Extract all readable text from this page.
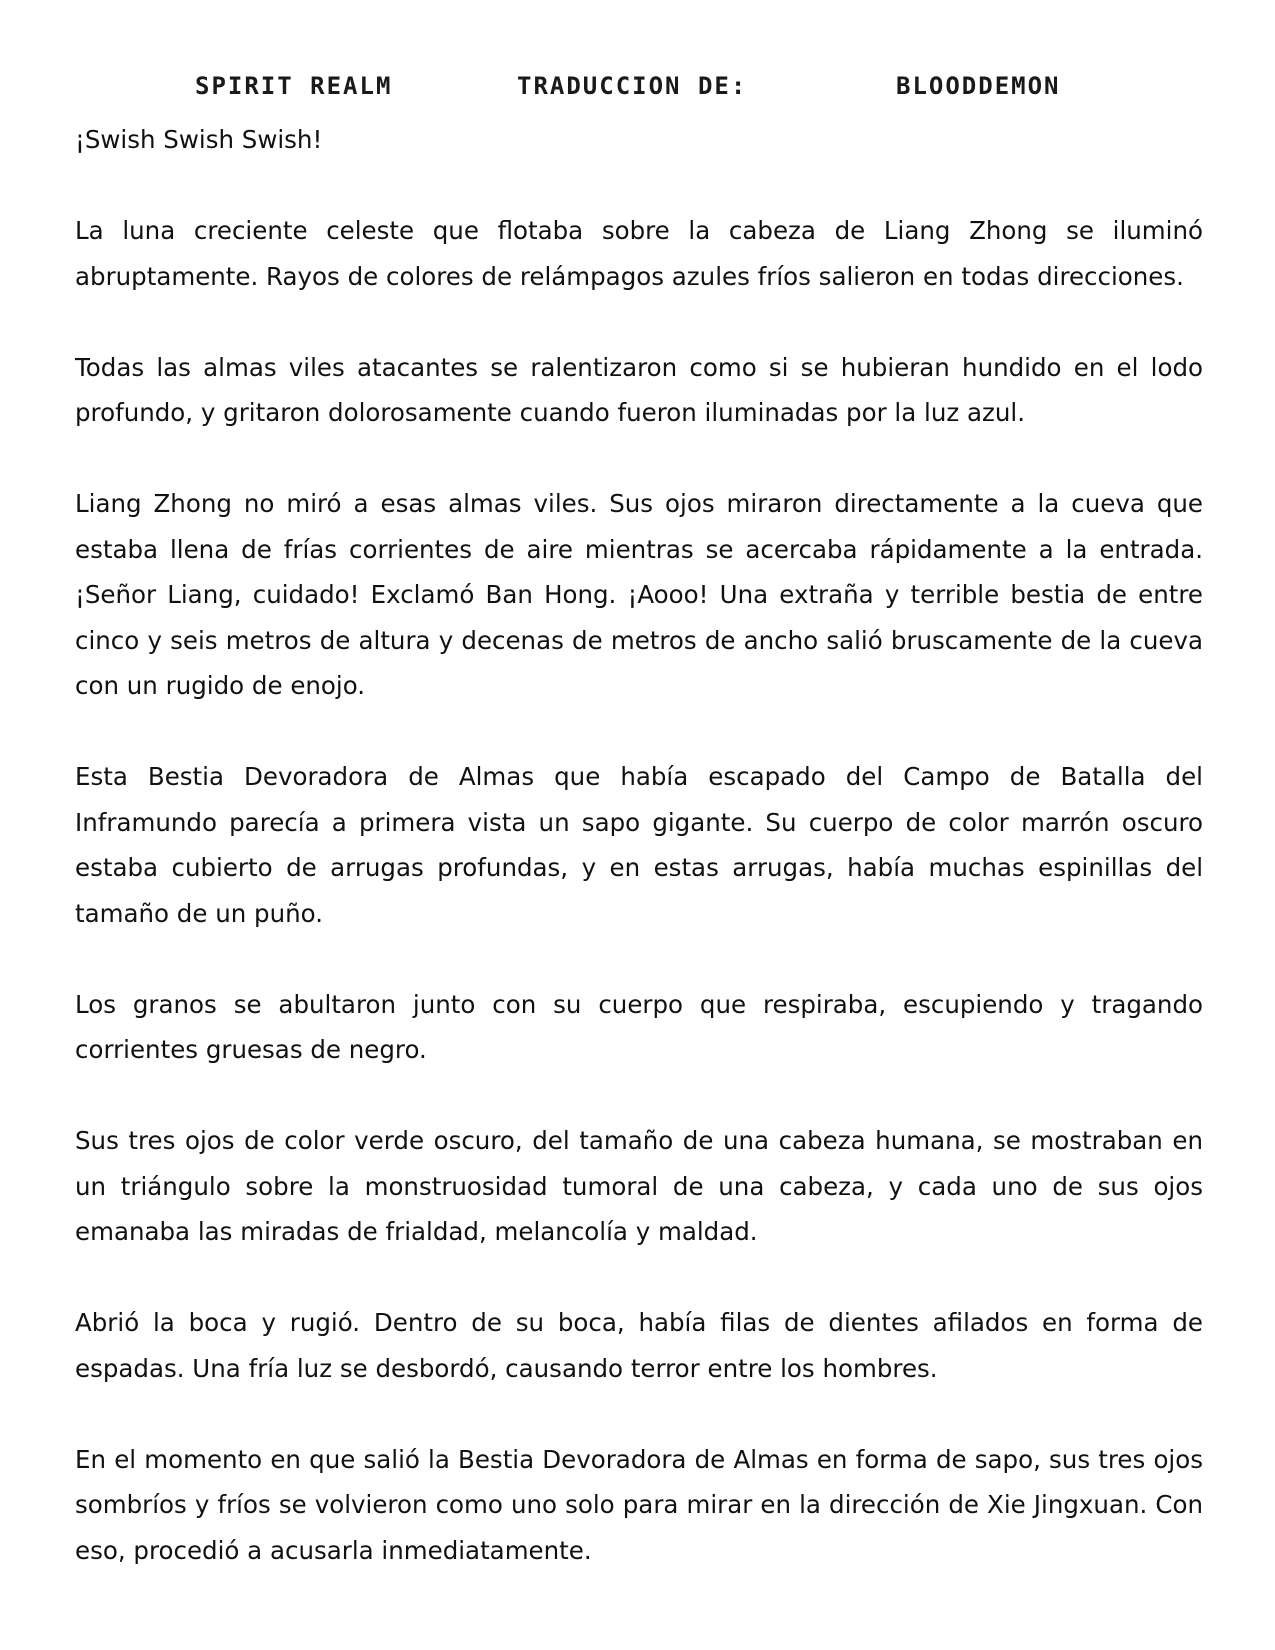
SPIRIT REALM	TRADUCCION DE:	BLOODDEMON

¡Swish Swish Swish!

La luna creciente celeste que flotaba sobre la cabeza de Liang Zhong se iluminó abruptamente. Rayos de colores de relámpagos azules fríos salieron en todas direcciones.

Todas las almas viles atacantes se ralentizaron como si se hubieran hundido en el lodo profundo, y gritaron dolorosamente cuando fueron iluminadas por la luz azul.

Liang Zhong no miró a esas almas viles. Sus ojos miraron directamente a la cueva que estaba llena de frías corrientes de aire mientras se acercaba rápidamente a la entrada. ¡Señor Liang, cuidado! Exclamó Ban Hong. ¡Aooo! Una extraña y terrible bestia de entre cinco y seis metros de altura y decenas de metros de ancho salió bruscamente de la cueva con un rugido de enojo.

Esta Bestia Devoradora de Almas que había escapado del Campo de Batalla del Inframundo parecía a primera vista un sapo gigante. Su cuerpo de color marrón oscuro estaba cubierto de arrugas profundas, y en estas arrugas, había muchas espinillas del tamaño de un puño.

Los granos se abultaron junto con su cuerpo que respiraba, escupiendo y tragando corrientes gruesas de negro.

Sus tres ojos de color verde oscuro, del tamaño de una cabeza humana, se mostraban en un triángulo sobre la monstruosidad tumoral de una cabeza, y cada uno de sus ojos emanaba las miradas de frialdad, melancolía y maldad.

Abrió la boca y rugió. Dentro de su boca, había filas de dientes afilados en forma de espadas. Una fría luz se desbordó, causando terror entre los hombres.

En el momento en que salió la Bestia Devoradora de Almas en forma de sapo, sus tres ojos sombríos y fríos se volvieron como uno solo para mirar en la dirección de Xie Jingxuan. Con eso, procedió a acusarla inmediatamente.
